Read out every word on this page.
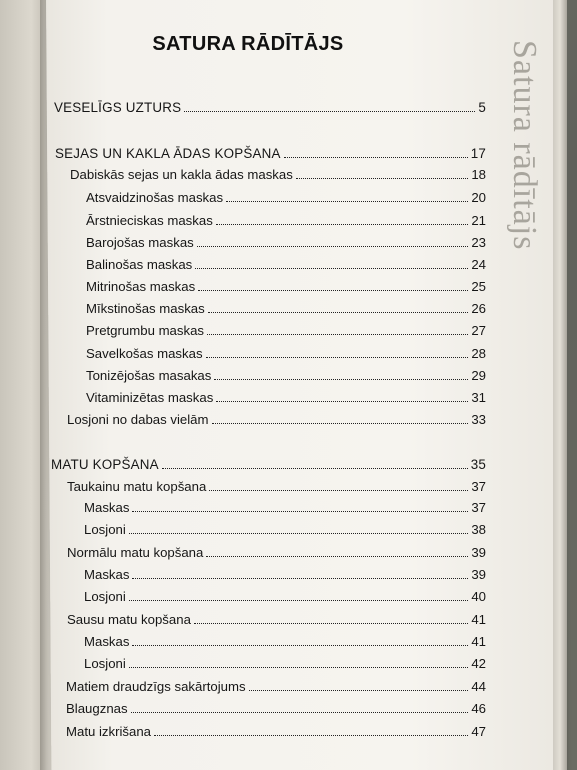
Satura rādītājs
SATURA RĀDĪTĀJS
VESELĪGS UZTURS	5
SEJAS UN KAKLA ĀDAS KOPŠANA	17
Dabiskās sejas un kakla ādas maskas	18
Atsvaidzinošas maskas	20
Ārstnieciskas maskas	21
Barojošas maskas	23
Balinošas maskas	24
Mitrinošas maskas	25
Mīkstinošas maskas	26
Pretgrumbu maskas	27
Savelkošas maskas	28
Tonizējošas masakas	29
Vitaminizētas maskas	31
Losjoni no dabas vielām	33
MATU KOPŠANA	35
Taukainu matu kopšana	37
Maskas	37
Losjoni	38
Normālu matu kopšana	39
Maskas	39
Losjoni	40
Sausu matu kopšana	41
Maskas	41
Losjoni	42
Matiem draudzīgs sakārtojums	44
Blaugznas	46
Matu izkrišana	47
